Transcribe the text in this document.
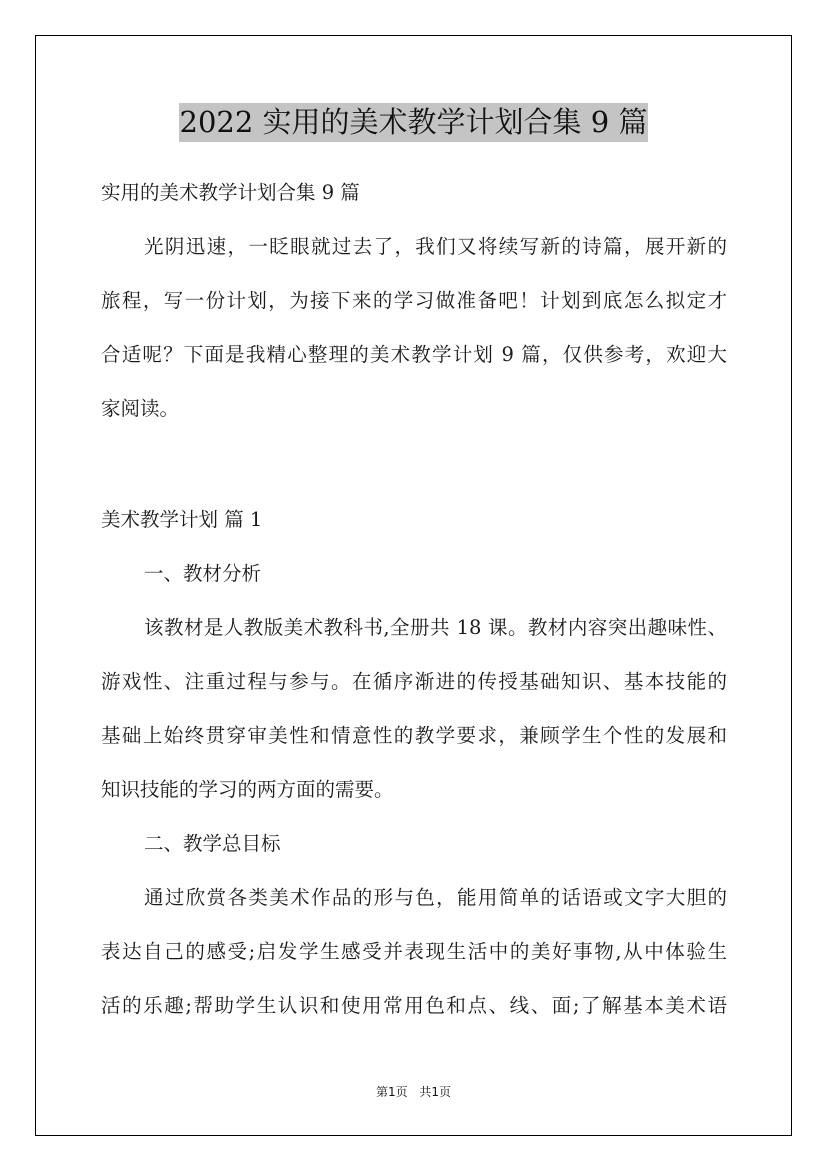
2022 实用的美术教学计划合集 9 篇
实用的美术教学计划合集 9 篇
光阴迅速，一眨眼就过去了，我们又将续写新的诗篇，展开新的
旅程，写一份计划，为接下来的学习做准备吧！计划到底怎么拟定才
合适呢？下面是我精心整理的美术教学计划 9 篇，仅供参考，欢迎大
家阅读。
美术教学计划 篇 1
一、教材分析
该教材是人教版美术教科书,全册共 18 课。教材内容突出趣味性、
游戏性、注重过程与参与。在循序渐进的传授基础知识、基本技能的
基础上始终贯穿审美性和情意性的教学要求，兼顾学生个性的发展和
知识技能的学习的两方面的需要。
二、教学总目标
通过欣赏各类美术作品的形与色，能用简单的话语或文字大胆的
表达自己的感受;启发学生感受并表现生活中的美好事物,从中体验生
活的乐趣;帮助学生认识和使用常用色和点、线、面;了解基本美术语
第1页 共1页
